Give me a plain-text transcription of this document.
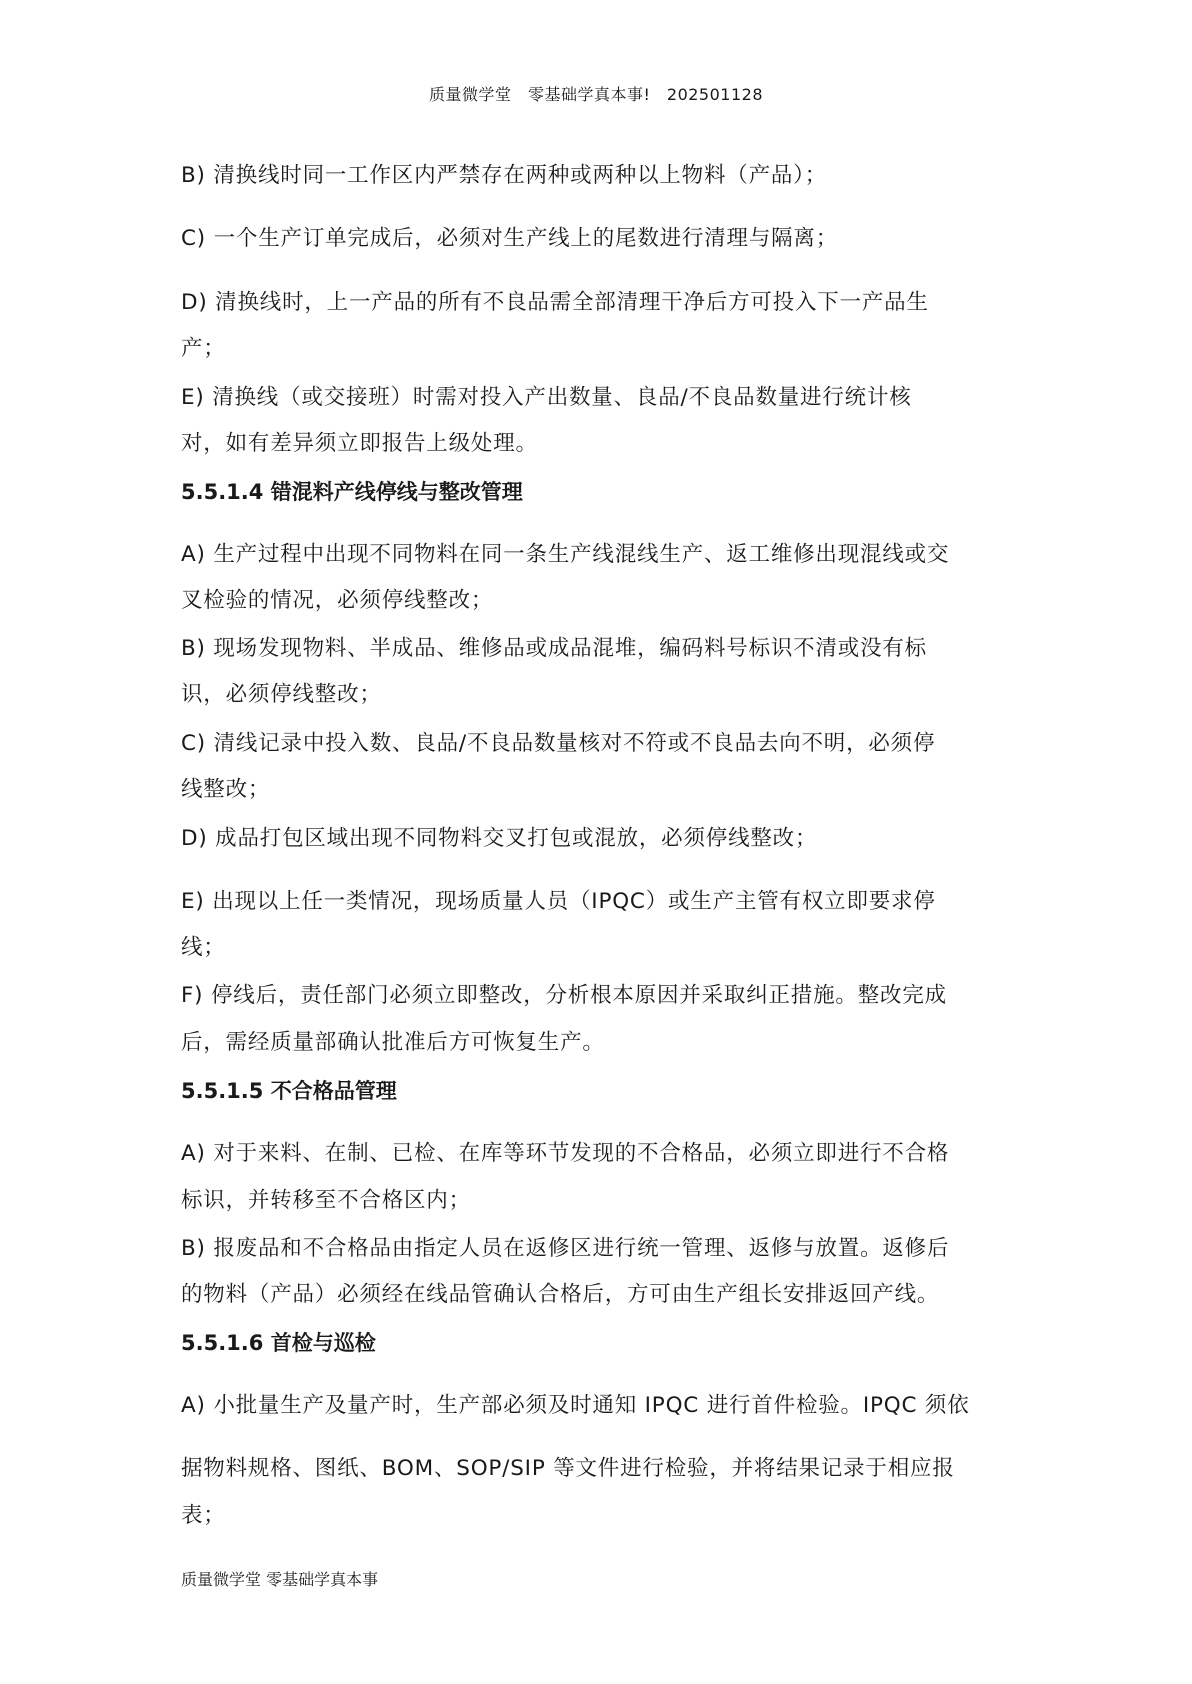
质量微学堂　零基础学真本事!　202501128
B) 清换线时同一工作区内严禁存在两种或两种以上物料（产品）；
C) 一个生产订单完成后，必须对生产线上的尾数进行清理与隔离；
D) 清换线时，上一产品的所有不良品需全部清理干净后方可投入下一产品生
产；
E) 清换线（或交接班）时需对投入产出数量、良品/不良品数量进行统计核
对，如有差异须立即报告上级处理。
5.5.1.4 错混料产线停线与整改管理
A) 生产过程中出现不同物料在同一条生产线混线生产、返工维修出现混线或交
叉检验的情况，必须停线整改；
B) 现场发现物料、半成品、维修品或成品混堆，编码料号标识不清或没有标
识，必须停线整改；
C) 清线记录中投入数、良品/不良品数量核对不符或不良品去向不明，必须停
线整改；
D) 成品打包区域出现不同物料交叉打包或混放，必须停线整改；
E) 出现以上任一类情况，现场质量人员（IPQC）或生产主管有权立即要求停
线；
F) 停线后，责任部门必须立即整改，分析根本原因并采取纠正措施。整改完成
后，需经质量部确认批准后方可恢复生产。
5.5.1.5 不合格品管理
A) 对于来料、在制、已检、在库等环节发现的不合格品，必须立即进行不合格
标识，并转移至不合格区内；
B) 报废品和不合格品由指定人员在返修区进行统一管理、返修与放置。返修后
的物料（产品）必须经在线品管确认合格后，方可由生产组长安排返回产线。
5.5.1.6 首检与巡检
A) 小批量生产及量产时，生产部必须及时通知 IPQC 进行首件检验。IPQC 须依
据物料规格、图纸、BOM、SOP/SIP 等文件进行检验，并将结果记录于相应报
表；
质量微学堂 零基础学真本事
